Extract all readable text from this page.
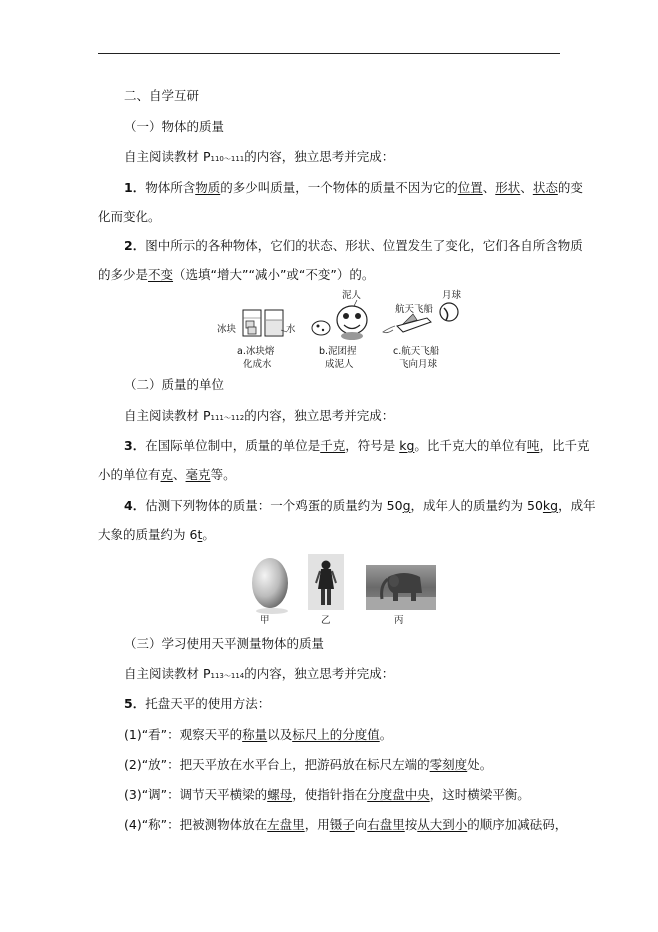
二、自学互研
（一）物体的质量
自主阅读教材 P110～111的内容，独立思考并完成：
1．物体所含物质的多少叫质量，一个物体的质量不因为它的位置、形状、状态的变
化而变化。
2．图中所示的各种物体，它们的状态、形状、位置发生了变化，它们各自所含物质
的多少是不变（选填“增大”“减小”或“不变”）的。
冰块	水
泥人
航天飞船
月球
a.冰块熔
化成水
b.泥团捏
成泥人
c.航天飞船
飞向月球
（二）质量的单位
自主阅读教材 P111～112的内容，独立思考并完成：
3．在国际单位制中，质量的单位是千克，符号是 kg。比千克大的单位有吨，比千克
小的单位有克、毫克等。
4．估测下列物体的质量：一个鸡蛋的质量约为 50g，成年人的质量约为 50kg，成年
大象的质量约为 6t。
甲	乙	丙
（三）学习使用天平测量物体的质量
自主阅读教材 P113～114的内容，独立思考并完成：
5．托盘天平的使用方法：
(1)“看”：观察天平的称量以及标尺上的分度值。
(2)“放”：把天平放在水平台上，把游码放在标尺左端的零刻度处。
(3)“调”：调节天平横梁的螺母，使指针指在分度盘中央，这时横梁平衡。
(4)“称”：把被测物体放在左盘里，用镊子向右盘里按从大到小的顺序加减砝码，
